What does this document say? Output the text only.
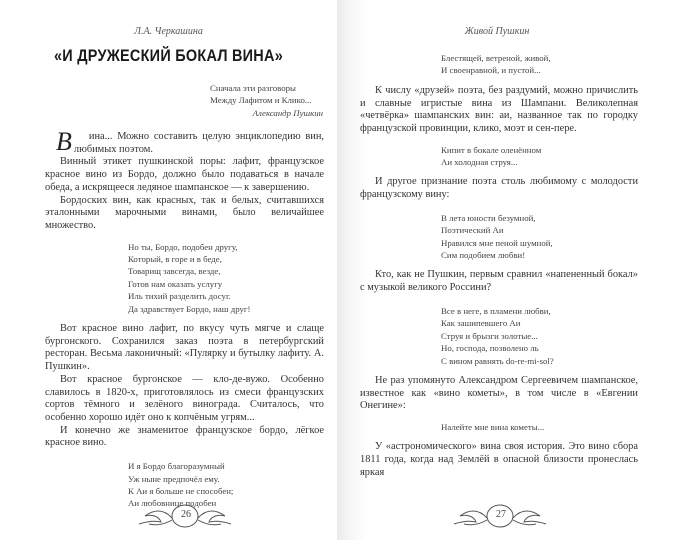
Л.А. Черкашина
«И ДРУЖЕСКИЙ БОКАЛ ВИНА»
Сначала эти разговоры
Между Лафитом и Клико...
Александр Пушкин

В ина... Можно составить целую энциклопедию вин, любимых поэтом.

Винный этикет пушкинской поры: лафит, французское красное вино из Бордо, должно было подаваться в начале обеда, а искрящееся ледяное шампанское — к завершению.

Бордоских вин, как красных, так и белых, считавшихся эталонными марочными винами, было величайшее множество.

Но ты, Бордо, подобен другу,
Который, в горе и в беде,
Товарищ завсегда, везде,
Готов нам оказать услугу
Иль тихий разделить досуг.
Да здравствует Бордо, наш друг!

Вот красное вино лафит, по вкусу чуть мягче и слаще бургонского. Сохранился заказ поэта в петербургский ресторан. Весьма лаконичный: «Пулярку и бутылку лафиту. А. Пушкин».

Вот красное бургонское — кло-де-вужо. Особенно славилось в 1820-х, приготовлялось из смеси французских сортов тёмного и зелёного винограда. Считалось, что особенно хорошо идёт оно к копчёным угрям...

И конечно же знаменитое французское бордо, лёгкое красное вино.

И я Бордо благоразумный
Уж ныне предпочёл ему.
К Аи я больше не способен;
Аи любовнице подобен
26
Живой Пушкин
Блестящей, ветреной, живой,
И своенравной, и пустой...

К числу «друзей» поэта, без раздумий, можно причислить и славные игристые вина из Шампани. Великолепная «четвёрка» шампанских вин: аи, названное так по городку французской провинции, клико, моэт и сен-пере.

Кипит в бокале оленённом
Аи холодная струя...

И другое признание поэта столь любимому с молодости французскому вину:

В лета юности безумной,
Поэтический Аи
Нравился мне пеной шумной,
Сим подобием любви!

Кто, как не Пушкин, первым сравнил «напененный бокал» с музыкой великого Россини?

Все в неге, в пламени любви,
Как зашипевшего Аи
Струя и брызги золотые...
Но, господа, позволено ль
С вином равнять do-re-mi-sol?

Не раз упомянуто Александром Сергеевичем шампанское, известное как «вино кометы», в том числе в «Евгении Онегине»:

Налейте мне вина кометы...

У «астрономического» вина своя история. Это вино сбора 1811 года, когда над Землёй в опасной близости пронеслась яркая

27
